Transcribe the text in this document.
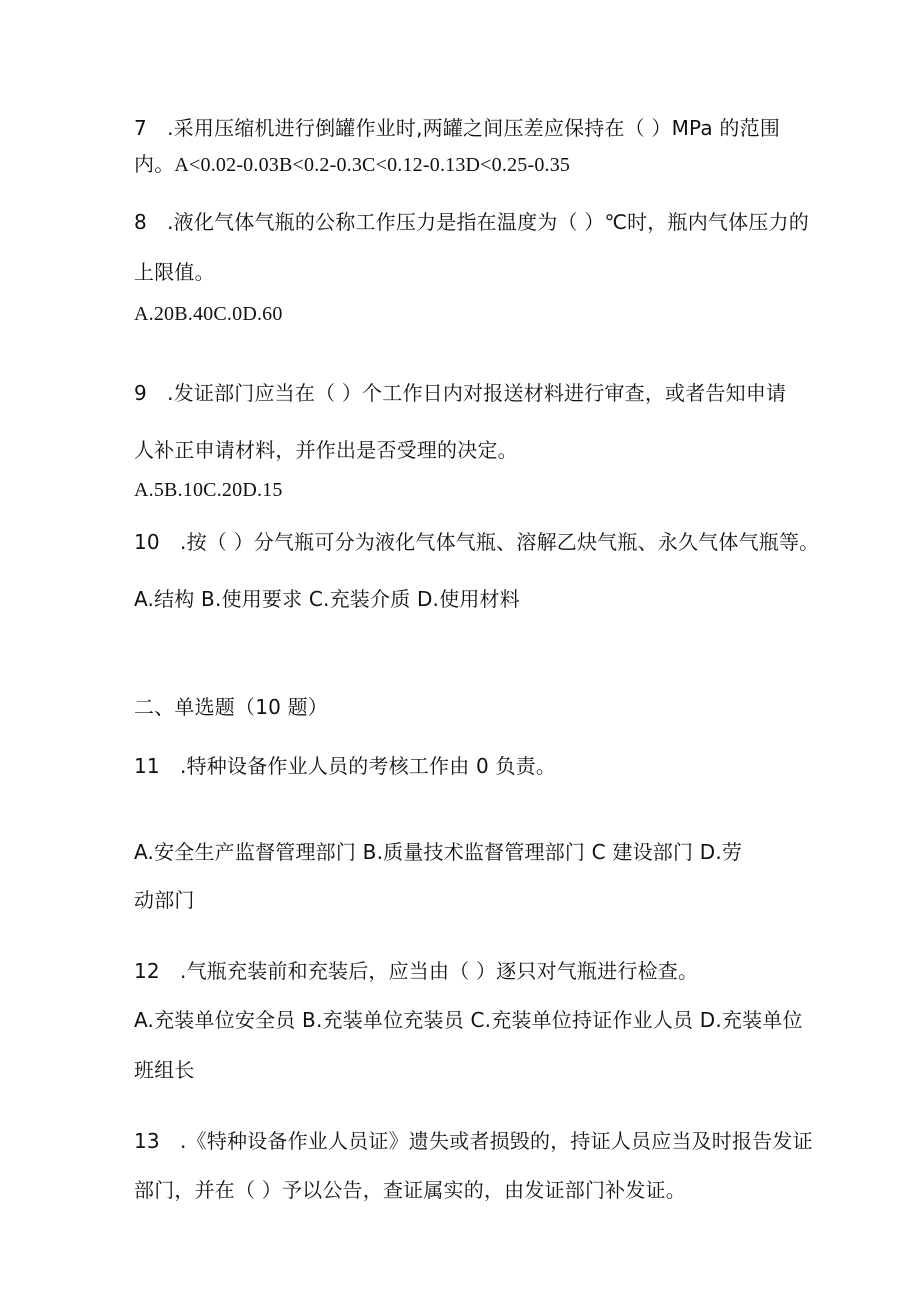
7　.采用压缩机进行倒罐作业时,两罐之间压差应保持在（ ）MPa 的范围
内。A<0.02-0.03B<0.2-0.3C<0.12-0.13D<0.25-0.35
8　.液化气体气瓶的公称工作压力是指在温度为（ ）℃时，瓶内气体压力的
上限值。
A.20B.40C.0D.60
9　.发证部门应当在（ ）个工作日内对报送材料进行审查，或者告知申请
人补正申请材料，并作出是否受理的决定。
A.5B.10C.20D.15
10　.按（ ）分气瓶可分为液化气体气瓶、溶解乙炔气瓶、永久气体气瓶等。
A.结构 B.使用要求 C.充装介质 D.使用材料
二、单选题（10 题）
11　.特种设备作业人员的考核工作由 0 负责。
A.安全生产监督管理部门 B.质量技术监督管理部门 C 建设部门 D.劳
动部门
12　.气瓶充装前和充装后，应当由（ ）逐只对气瓶进行检查。
A.充装单位安全员 B.充装单位充装员 C.充装单位持证作业人员 D.充装单位
班组长
13　.《特种设备作业人员证》遗失或者损毁的，持证人员应当及时报告发证
部门，并在（ ）予以公告，查证属实的，由发证部门补发证。
